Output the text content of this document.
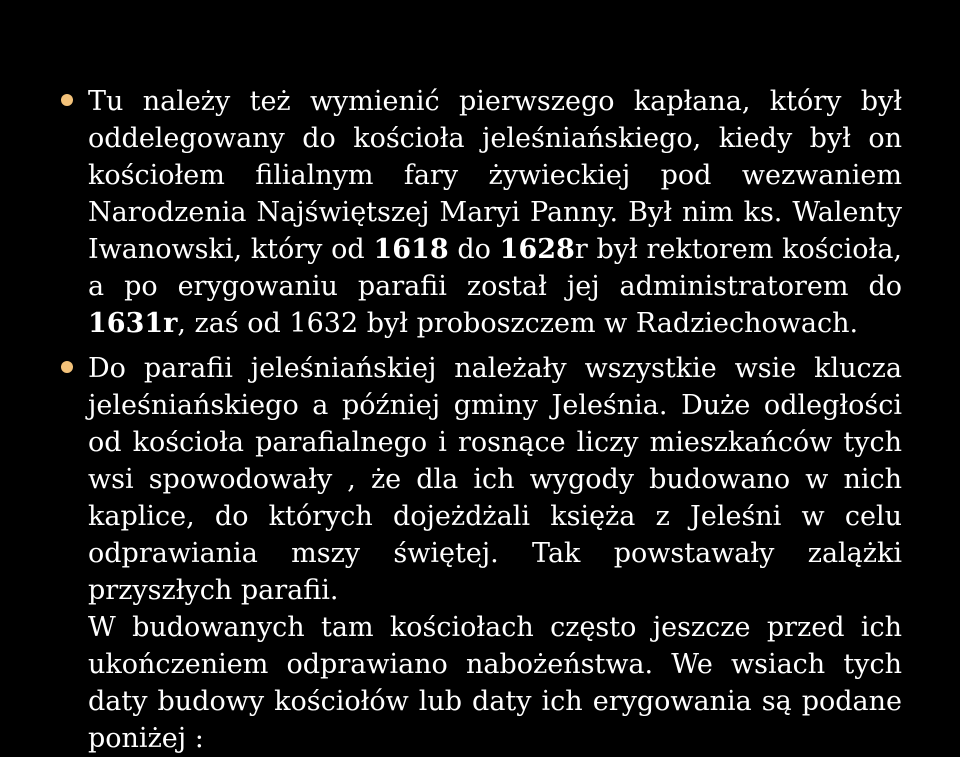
Tu należy też wymienić pierwszego kapłana, który był oddelegowany do kościoła jeleśniańskiego, kiedy był on kościołem filialnym fary żywieckiej pod wezwaniem Narodzenia Najświętszej Maryi Panny. Był nim ks. Walenty Iwanowski, który od 1618 do 1628r był rektorem kościoła, a po erygowaniu parafii został jej administratorem do 1631r, zaś od 1632 był proboszczem w Radziechowach.

Do parafii jeleśniańskiej należały wszystkie wsie klucza jeleśniańskiego a później gminy Jeleśnia. Duże odległości od kościoła parafialnego i rosnące liczy mieszkańców tych wsi spowodowały , że dla ich wygody budowano w nich kaplice, do których dojeżdżali księża z Jeleśni w celu odprawiania mszy świętej. Tak powstawały zalążki przyszłych parafii.
W budowanych tam kościołach często jeszcze przed ich ukończeniem odprawiano nabożeństwa. We wsiach tych daty budowy kościołów lub daty ich erygowania są podane poniżej :
